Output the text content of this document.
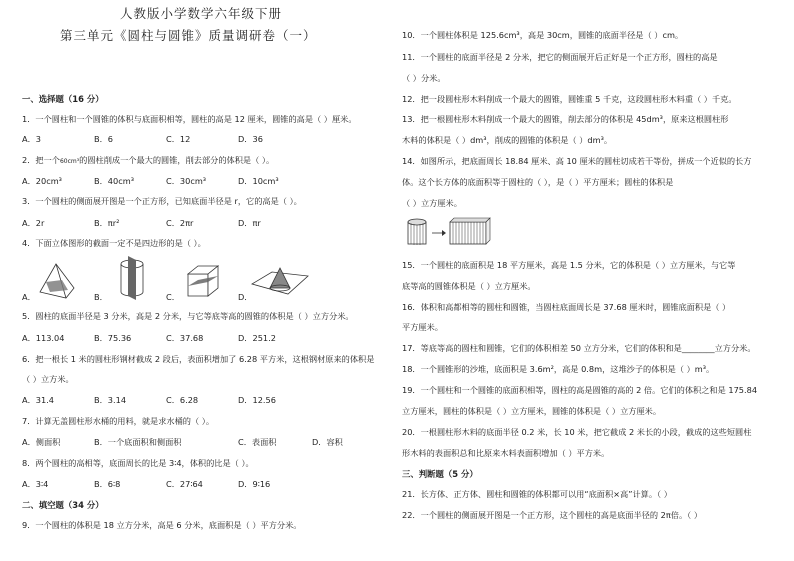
人教版小学数学六年级下册
第三单元《圆柱与圆锥》质量调研卷（一）
一、选择题（16 分）
1．一个圆柱和一个圆锥的体积与底面积相等，圆柱的高是 12 厘米，圆锥的高是（ ）厘米。
A．3	B．6	C．12	D．36
2．把一个60cm³的圆柱削成一个最大的圆锥，削去部分的体积是（ ）。
A．20cm³	B．40cm³	C．30cm³	D．10cm³
3．一个圆柱的侧面展开图是一个正方形，已知底面半径是 r，它的高是（ ）。
A．2r	B．πr²	C．2πr	D．πr
4．下面立体图形的截面一定不是四边形的是（ ）。
A．	B．	C．	D．
5．圆柱的底面半径是 3 分米，高是 2 分米，与它等底等高的圆锥的体积是（ ）立方分米。
A．113.04	B．75.36	C．37.68	D．251.2
6．把一根长 1 米的圆柱形钢材截成 2 段后，表面积增加了 6.28 平方米，这根钢材原来的体积是
（ ）立方米。
A．31.4	B．3.14	C．6.28	D．12.56
7．计算无盖圆柱形水桶的用料，就是求水桶的（ ）。
A．侧面积	B．一个底面积和侧面积	C．表面积	D．容积
8．两个圆柱的高相等，底面周长的比是 3∶4，体积的比是（ ）。
A．3∶4	B．6∶8	C．27∶64	D．9∶16
二、填空题（34 分）
9．一个圆柱的体积是 18 立方分米，高是 6 分米，底面积是（ ）平方分米。
10．一个圆柱体积是 125.6cm³，高是 30cm，圆锥的底面半径是（ ）cm。
11．一个圆柱的底面半径是 2 分米，把它的侧面展开后正好是一个正方形，圆柱的高是
（ ）分米。
12．把一段圆柱形木料削成一个最大的圆锥，圆锥重 5 千克，这段圆柱形木料重（ ）千克。
13．把一根圆柱形木料削成一个最大的圆锥，削去部分的体积是 45dm³，原来这根圆柱形
木料的体积是（ ）dm³，削成的圆锥的体积是（ ）dm³。
14．如图所示，把底面周长 18.84 厘米、高 10 厘米的圆柱切成若干等份，拼成一个近似的长方
体。这个长方体的底面积等于圆柱的（ ），是（ ）平方厘米；圆柱的体积是
（ ）立方厘米。
15．一个圆柱的底面积是 18 平方厘米，高是 1.5 分米，它的体积是（ ）立方厘米，与它等
底等高的圆锥体积是（ ）立方厘米。
16．体积和高都相等的圆柱和圆锥，当圆柱底面周长是 37.68 厘米时，圆锥底面积是（ ）
平方厘米。
17．等底等高的圆柱和圆锥，它们的体积相差 50 立方分米，它们的体积和是________立方分米。
18．一个圆锥形的沙堆，底面积是 3.6m²，高是 0.8m，这堆沙子的体积是（ ）m³。
19．一个圆柱和一个圆锥的底面积相等，圆柱的高是圆锥的高的 2 倍。它们的体积之和是 175.84
立方厘米，圆柱的体积是（ ）立方厘米，圆锥的体积是（ ）立方厘米。
20．一根圆柱形木料的底面半径 0.2 米，长 10 米，把它截成 2 米长的小段，截成的这些短圆柱
形木料的表面积总和比原来木料表面积增加（ ）平方米。
三、判断题（5 分）
21．长方体、正方体、圆柱和圆锥的体积都可以用“底面积×高”计算。（ ）
22．一个圆柱的侧面展开图是一个正方形，这个圆柱的高是底面半径的 2π倍。（ ）
